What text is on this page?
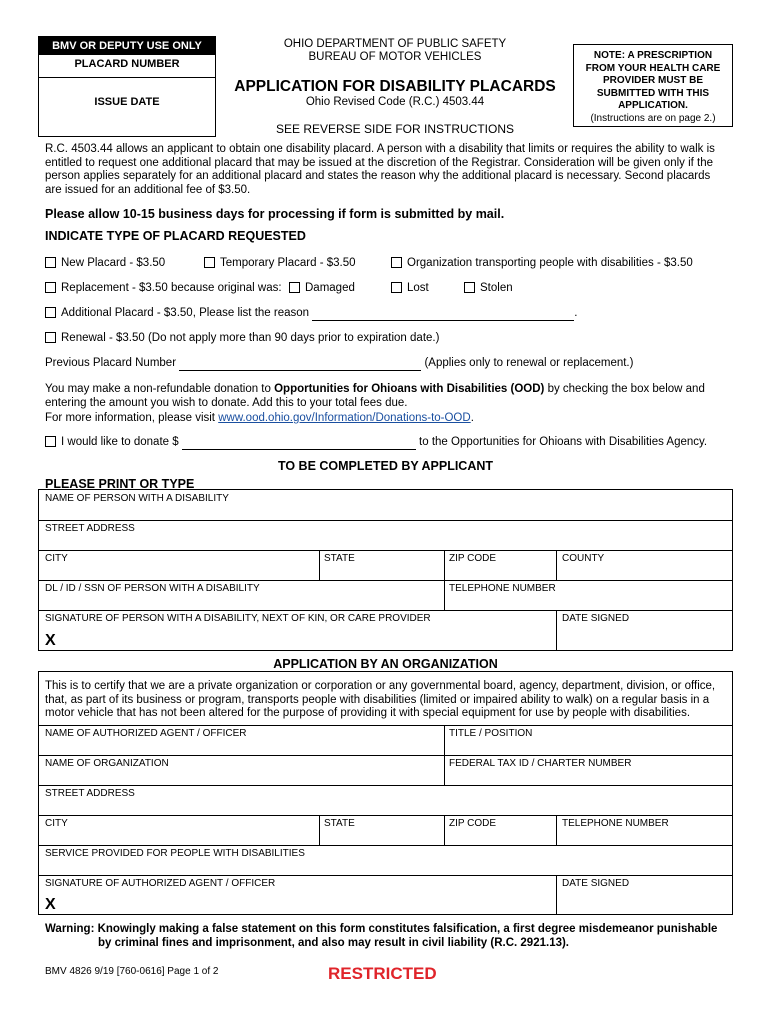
BMV OR DEPUTY USE ONLY
PLACARD NUMBER
ISSUE DATE
OHIO DEPARTMENT OF PUBLIC SAFETY
BUREAU OF MOTOR VEHICLES
APPLICATION FOR DISABILITY PLACARDS
Ohio Revised Code (R.C.) 4503.44
SEE REVERSE SIDE FOR INSTRUCTIONS
NOTE: A PRESCRIPTION
FROM YOUR HEALTH CARE
PROVIDER MUST BE
SUBMITTED WITH THIS
APPLICATION.
(Instructions are on page 2.)
R.C. 4503.44 allows an applicant to obtain one disability placard. A person with a disability that limits or requires the ability to walk is
entitled to request one additional placard that may be issued at the discretion of the Registrar. Consideration will be given only if the
person applies separately for an additional placard and states the reason why the additional placard is necessary. Second placards
are issued for an additional fee of $3.50.
Please allow 10-15 business days for processing if form is submitted by mail.
INDICATE TYPE OF PLACARD REQUESTED
New Placard - $3.50	Temporary Placard - $3.50	Organization transporting people with disabilities - $3.50
Replacement - $3.50 because original was:	Damaged	Lost	Stolen
Additional Placard - $3.50, Please list the reason	.
Renewal - $3.50 (Do not apply more than 90 days prior to expiration date.)
Previous Placard Number	(Applies only to renewal or replacement.)
You may make a non-refundable donation to Opportunities for Ohioans with Disabilities (OOD) by checking the box below and
entering the amount you wish to donate. Add this to your total fees due.
For more information, please visit www.ood.ohio.gov/Information/Donations-to-OOD.
I would like to donate $	to the Opportunities for Ohioans with Disabilities Agency.
TO BE COMPLETED BY APPLICANT
PLEASE PRINT OR TYPE
NAME OF PERSON WITH A DISABILITY
STREET ADDRESS
CITY	STATE	ZIP CODE	COUNTY
DL / ID / SSN OF PERSON WITH A DISABILITY	TELEPHONE NUMBER
SIGNATURE OF PERSON WITH A DISABILITY, NEXT OF KIN, OR CARE PROVIDER	DATE SIGNED
X
APPLICATION BY AN ORGANIZATION
This is to certify that we are a private organization or corporation or any governmental board, agency, department, division, or office,
that, as part of its business or program, transports people with disabilities (limited or impaired ability to walk) on a regular basis in a
motor vehicle that has not been altered for the purpose of providing it with special equipment for use by people with disabilities.
NAME OF AUTHORIZED AGENT / OFFICER	TITLE / POSITION
NAME OF ORGANIZATION	FEDERAL TAX ID / CHARTER NUMBER
STREET ADDRESS
CITY	STATE	ZIP CODE	TELEPHONE NUMBER
SERVICE PROVIDED FOR PEOPLE WITH DISABILITIES
SIGNATURE OF AUTHORIZED AGENT / OFFICER	DATE SIGNED
X
Warning: Knowingly making a false statement on this form constitutes falsification, a first degree misdemeanor punishable
by criminal fines and imprisonment, and also may result in civil liability (R.C. 2921.13).
BMV 4826 9/19 [760-0616] Page 1 of 2	RESTRICTED
